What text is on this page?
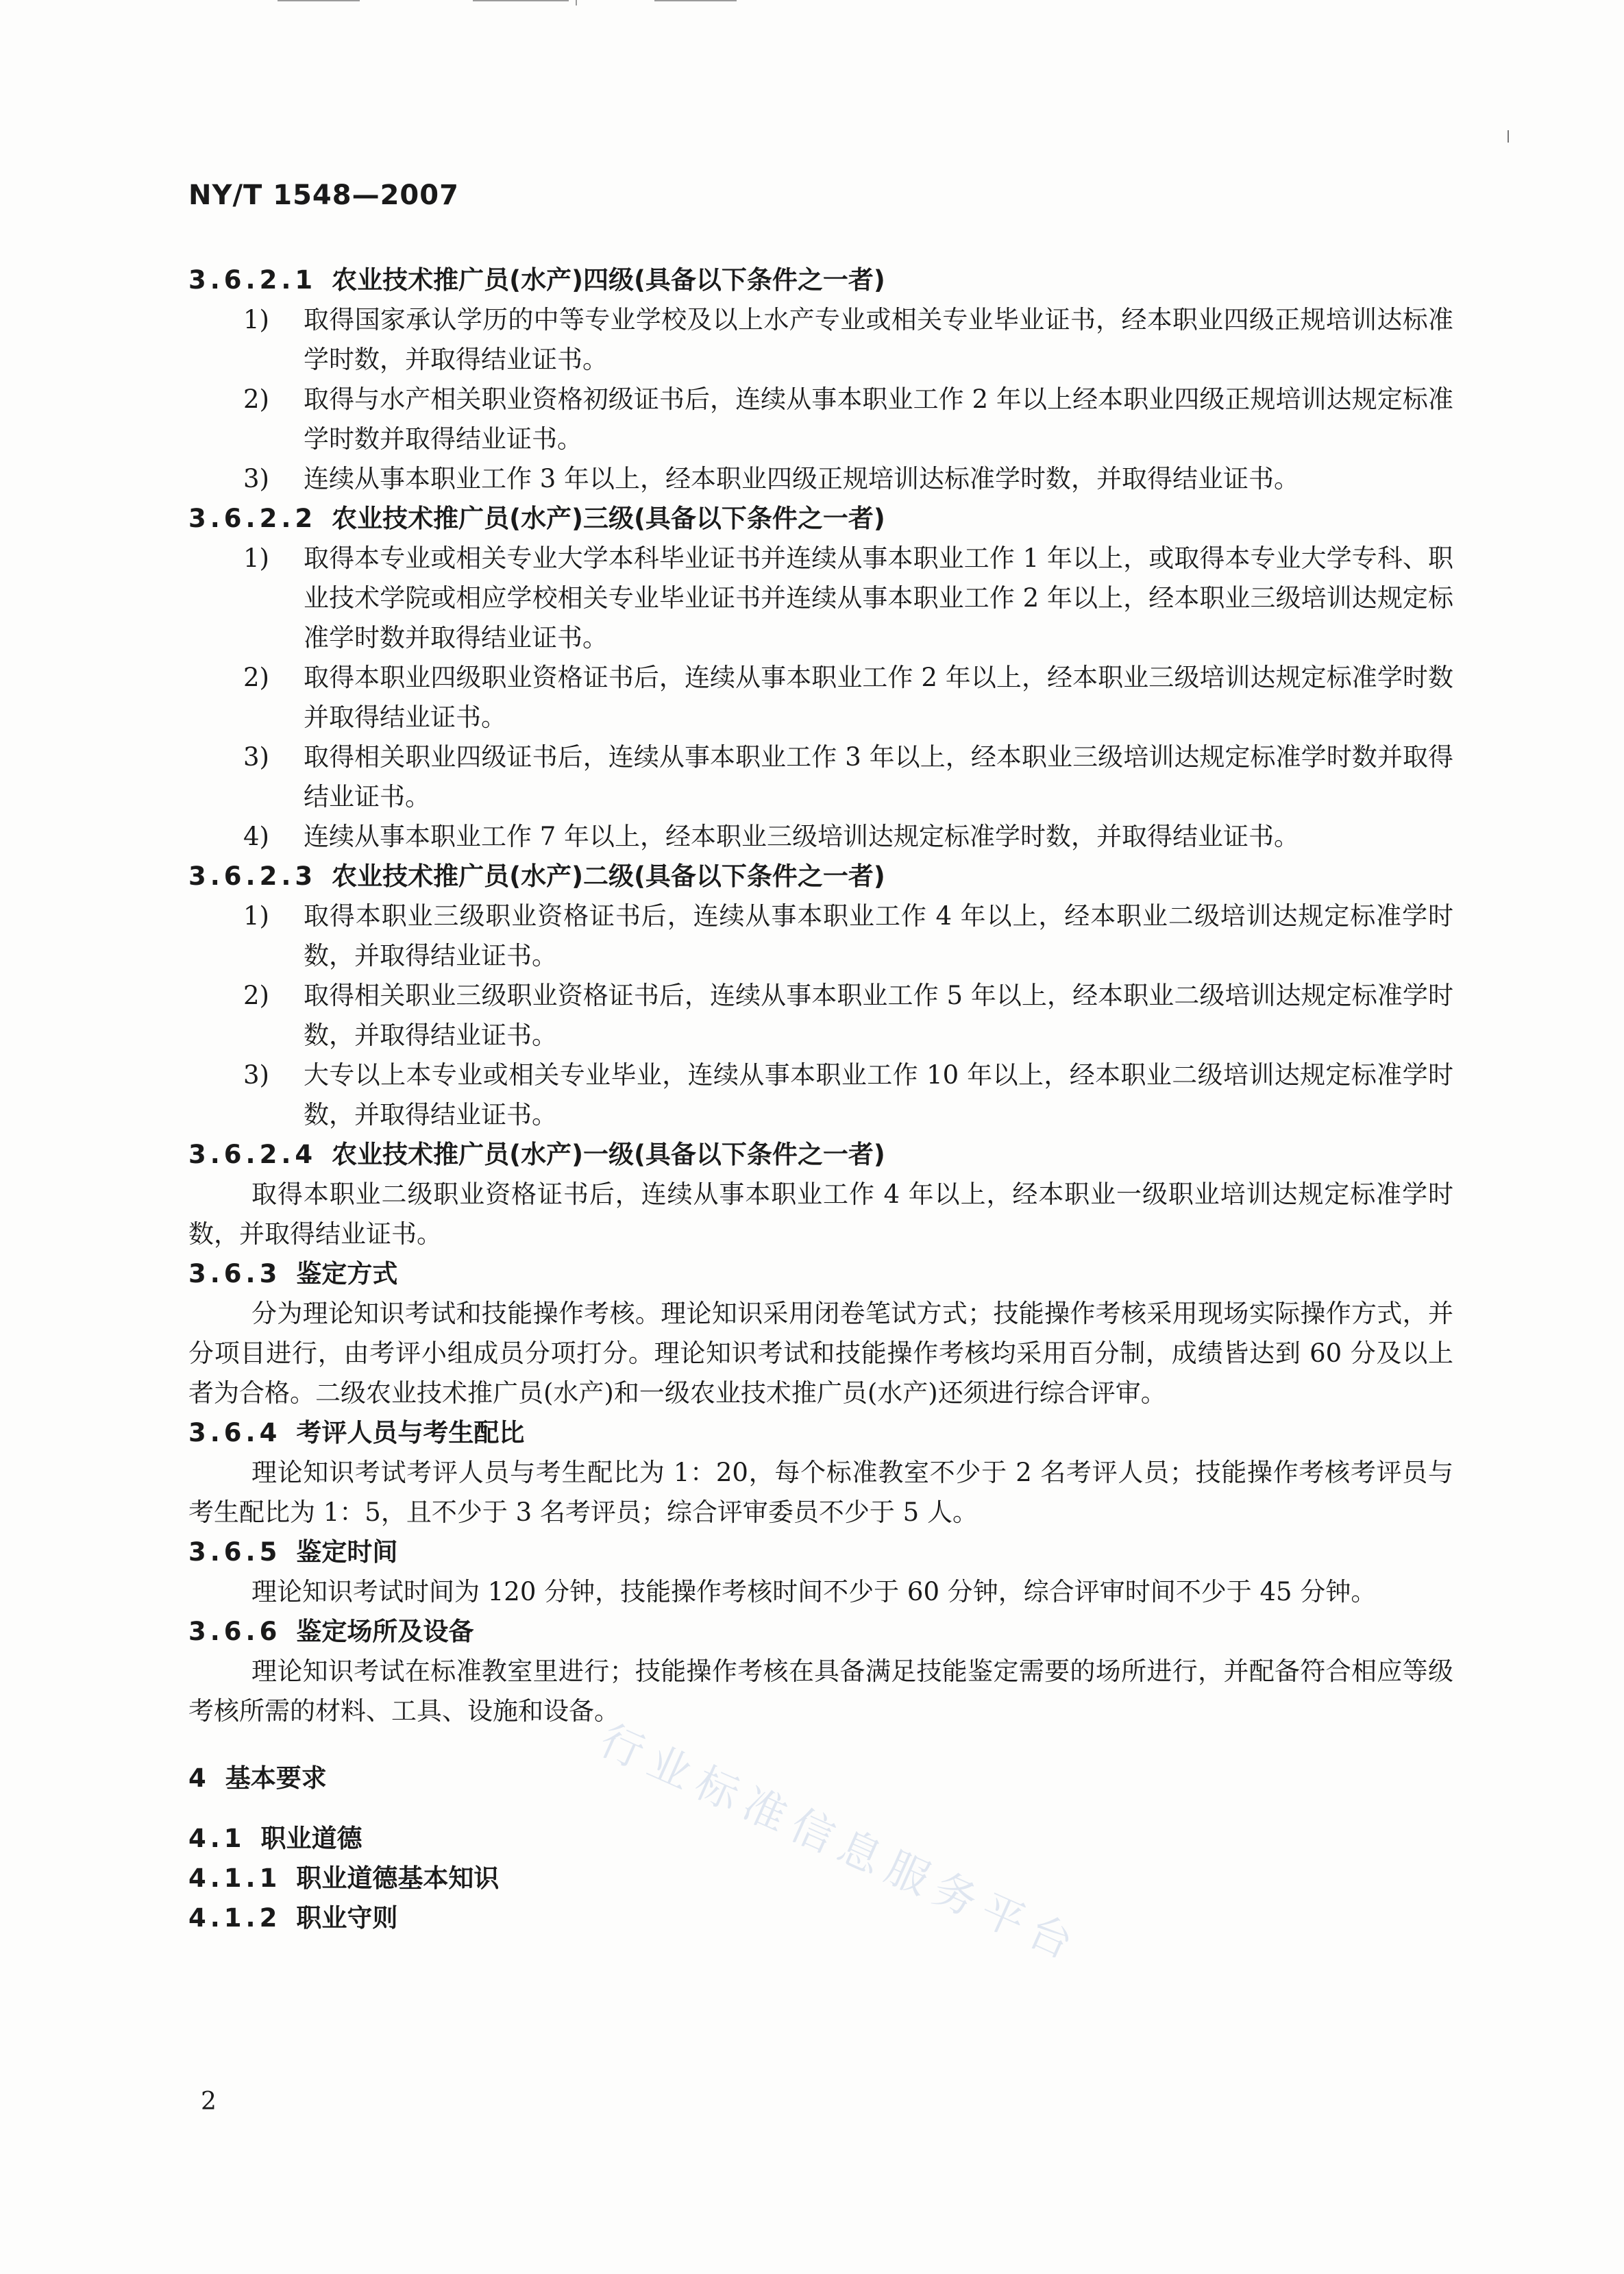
NY/T 1548—2007
3.6.2.1 农业技术推广员(水产)四级(具备以下条件之一者)
1) 取得国家承认学历的中等专业学校及以上水产专业或相关专业毕业证书，经本职业四级正规培训达标准学时数，并取得结业证书。
2) 取得与水产相关职业资格初级证书后，连续从事本职业工作 2 年以上经本职业四级正规培训达规定标准学时数并取得结业证书。
3) 连续从事本职业工作 3 年以上，经本职业四级正规培训达标准学时数，并取得结业证书。
3.6.2.2 农业技术推广员(水产)三级(具备以下条件之一者)
1) 取得本专业或相关专业大学本科毕业证书并连续从事本职业工作 1 年以上，或取得本专业大学专科、职业技术学院或相应学校相关专业毕业证书并连续从事本职业工作 2 年以上，经本职业三级培训达规定标准学时数并取得结业证书。
2) 取得本职业四级职业资格证书后，连续从事本职业工作 2 年以上，经本职业三级培训达规定标准学时数并取得结业证书。
3) 取得相关职业四级证书后，连续从事本职业工作 3 年以上，经本职业三级培训达规定标准学时数并取得结业证书。
4) 连续从事本职业工作 7 年以上，经本职业三级培训达规定标准学时数，并取得结业证书。
3.6.2.3 农业技术推广员(水产)二级(具备以下条件之一者)
1) 取得本职业三级职业资格证书后，连续从事本职业工作 4 年以上，经本职业二级培训达规定标准学时数，并取得结业证书。
2) 取得相关职业三级职业资格证书后，连续从事本职业工作 5 年以上，经本职业二级培训达规定标准学时数，并取得结业证书。
3) 大专以上本专业或相关专业毕业，连续从事本职业工作 10 年以上，经本职业二级培训达规定标准学时数，并取得结业证书。
3.6.2.4 农业技术推广员(水产)一级(具备以下条件之一者)
取得本职业二级职业资格证书后，连续从事本职业工作 4 年以上，经本职业一级职业培训达规定标准学时数，并取得结业证书。
3.6.3 鉴定方式
分为理论知识考试和技能操作考核。理论知识采用闭卷笔试方式；技能操作考核采用现场实际操作方式，并分项目进行，由考评小组成员分项打分。理论知识考试和技能操作考核均采用百分制，成绩皆达到 60 分及以上者为合格。二级农业技术推广员(水产)和一级农业技术推广员(水产)还须进行综合评审。
3.6.4 考评人员与考生配比
理论知识考试考评人员与考生配比为 1：20，每个标准教室不少于 2 名考评人员；技能操作考核考评员与考生配比为 1：5，且不少于 3 名考评员；综合评审委员不少于 5 人。
3.6.5 鉴定时间
理论知识考试时间为 120 分钟，技能操作考核时间不少于 60 分钟，综合评审时间不少于 45 分钟。
3.6.6 鉴定场所及设备
理论知识考试在标准教室里进行；技能操作考核在具备满足技能鉴定需要的场所进行，并配备符合相应等级考核所需的材料、工具、设施和设备。
4 基本要求
4.1 职业道德
4.1.1 职业道德基本知识
4.1.2 职业守则	行业标准信息服务平台
2
